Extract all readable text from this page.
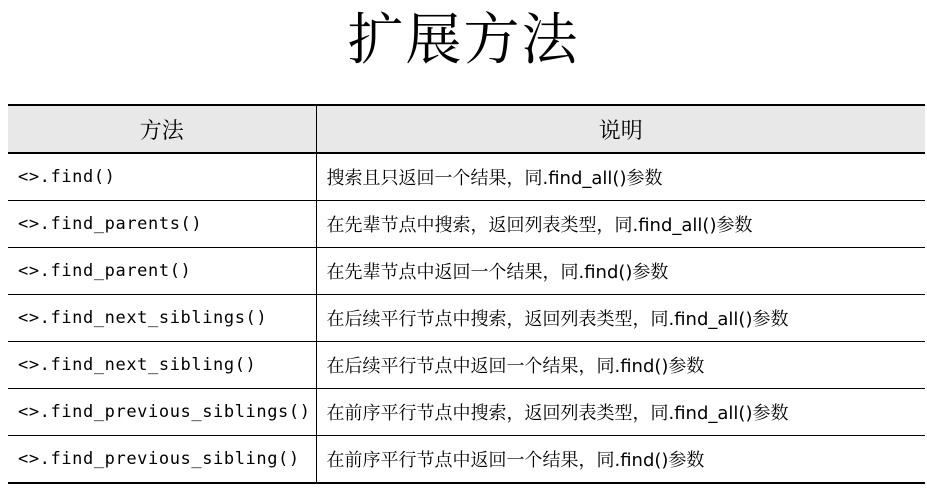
扩展方法
方法	说明
<>.find()	搜索且只返回一个结果，同.find_all()参数
<>.find_parents()	在先辈节点中搜索，返回列表类型，同.find_all()参数
<>.find_parent()	在先辈节点中返回一个结果，同.find()参数
<>.find_next_siblings()	在后续平行节点中搜索，返回列表类型，同.find_all()参数
<>.find_next_sibling()	在后续平行节点中返回一个结果，同.find()参数
<>.find_previous_siblings()	在前序平行节点中搜索，返回列表类型，同.find_all()参数
<>.find_previous_sibling()	在前序平行节点中返回一个结果，同.find()参数
